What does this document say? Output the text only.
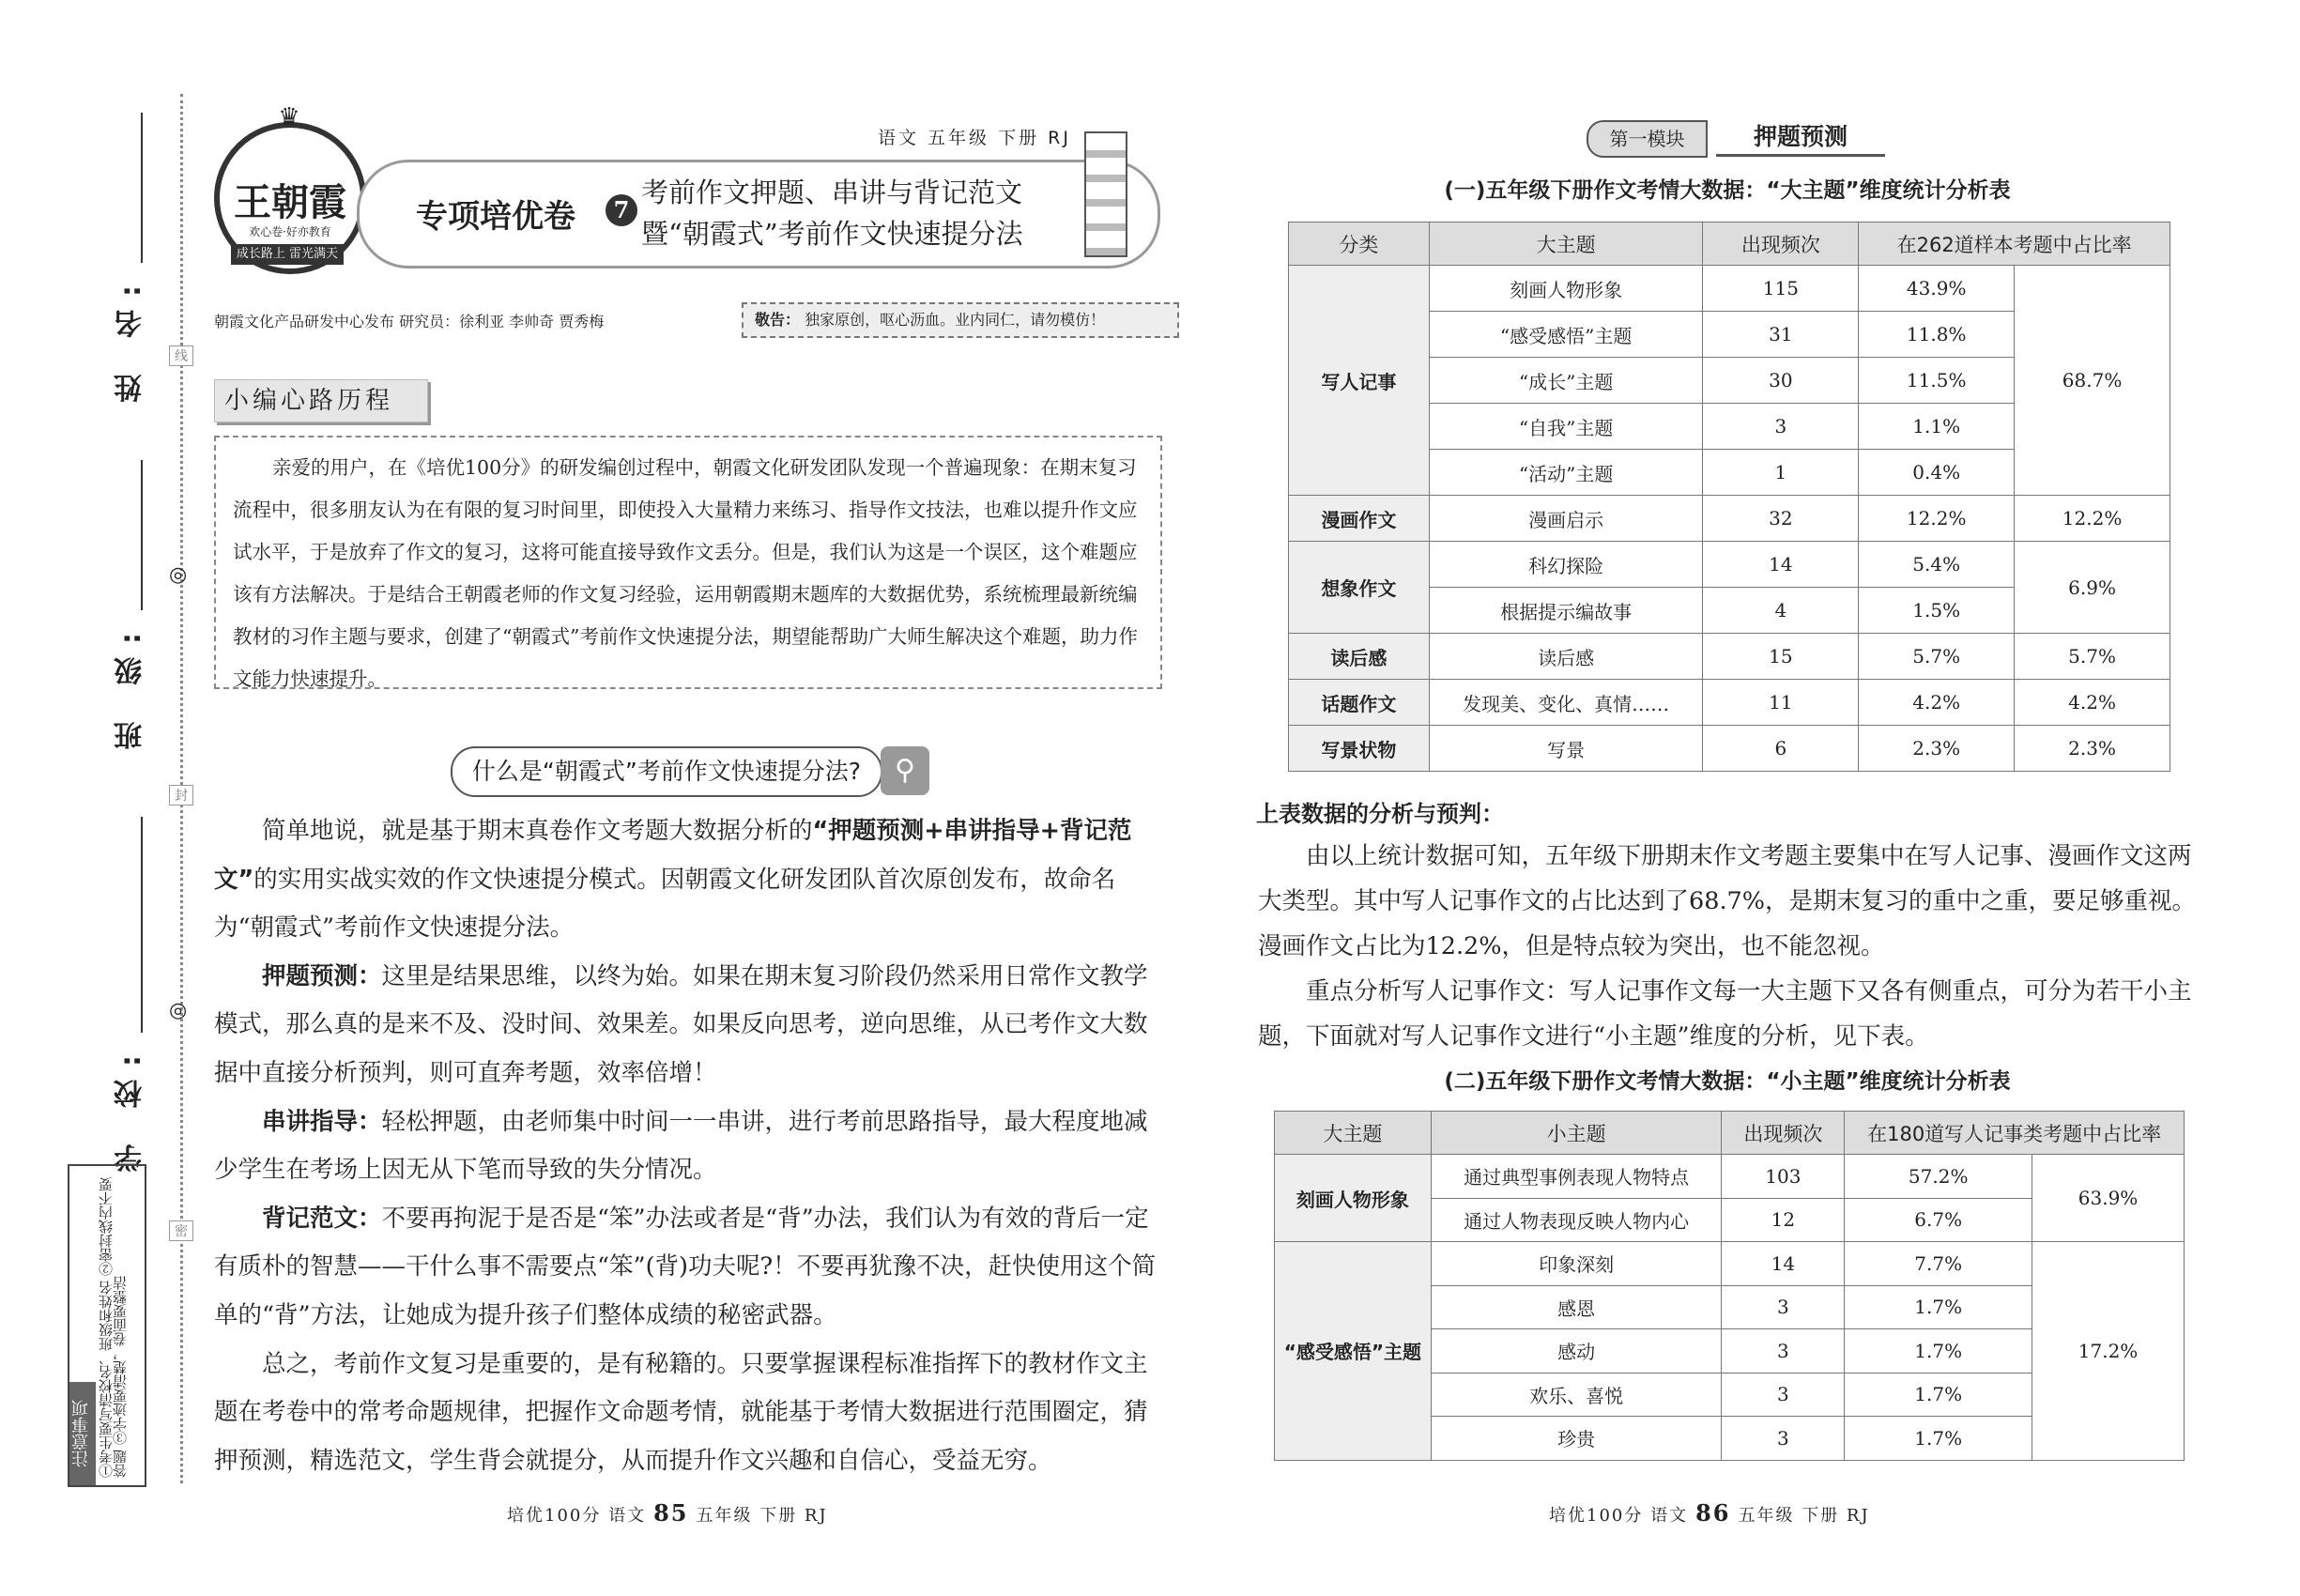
姓 名:
班 级:
学 校:
线
封
密
◎
◎
注意事项 ①考生要写清校名、班级和姓名 ②密封线内不要答题 ③字迹要清楚，卷面要整洁
♛
王朝霞
欢心卷·好亦教育
成长路上 雷光满天
语文 五年级 下册 RJ
专项培优卷	7
考前作文押题、串讲与背记范文
暨“朝霞式”考前作文快速提分法
朝霞文化产品研发中心发布 研究员：徐利亚 李帅奇 贾秀梅	敬告： 独家原创，呕心沥血。业内同仁，请勿模仿！
小编心路历程
亲爱的用户，在《培优100分》的研发编创过程中，朝霞文化研发团队发现一个普遍现象：在期末复习流程中，很多朋友认为在有限的复习时间里，即使投入大量精力来练习、指导作文技法，也难以提升作文应试水平，于是放弃了作文的复习，这将可能直接导致作文丢分。但是，我们认为这是一个误区，这个难题应该有方法解决。于是结合王朝霞老师的作文复习经验，运用朝霞期末题库的大数据优势，系统梳理最新统编教材的习作主题与要求，创建了“朝霞式”考前作文快速提分法，期望能帮助广大师生解决这个难题，助力作文能力快速提升。
什么是“朝霞式”考前作文快速提分法?	⚲

简单地说，就是基于期末真卷作文考题大数据分析的“押题预测+串讲指导+背记范文”的实用实战实效的作文快速提分模式。因朝霞文化研发团队首次原创发布，故命名为“朝霞式”考前作文快速提分法。

押题预测：这里是结果思维，以终为始。如果在期末复习阶段仍然采用日常作文教学模式，那么真的是来不及、没时间、效果差。如果反向思考，逆向思维，从已考作文大数据中直接分析预判，则可直奔考题，效率倍增！

串讲指导：轻松押题，由老师集中时间一一串讲，进行考前思路指导，最大程度地减少学生在考场上因无从下笔而导致的失分情况。

背记范文：不要再拘泥于是否是“笨”办法或者是“背”办法，我们认为有效的背后一定有质朴的智慧——干什么事不需要点“笨”(背)功夫呢?！不要再犹豫不决，赶快使用这个简单的“背”方法，让她成为提升孩子们整体成绩的秘密武器。

总之，考前作文复习是重要的，是有秘籍的。只要掌握课程标准指挥下的教材作文主题在考卷中的常考命题规律，把握作文命题考情，就能基于考情大数据进行范围圈定，猜押预测，精选范文，学生背会就提分，从而提升作文兴趣和自信心，受益无穷。

培优100分 语文 85 五年级 下册 RJ
第一模块	押题预测
(一)五年级下册作文考情大数据：“大主题”维度统计分析表
分类	大主题	出现频次	在262道样本考题中占比率	
写人记事	刻画人物形象	115	43.9%	68.7%
	“感受感悟”主题	31	11.8%	
	“成长”主题	30	11.5%	
	“自我”主题	3	1.1%	
	“活动”主题	1	0.4%	
漫画作文	漫画启示	32	12.2%	12.2%
想象作文	科幻探险	14	5.4%	6.9%
	根据提示编故事	4	1.5%	
读后感	读后感	15	5.7%	5.7%
话题作文	发现美、变化、真情……	11	4.2%	4.2%
写景状物	写景	6	2.3%	2.3%
上表数据的分析与预判：

由以上统计数据可知，五年级下册期末作文考题主要集中在写人记事、漫画作文这两大类型。其中写人记事作文的占比达到了68.7%，是期末复习的重中之重，要足够重视。漫画作文占比为12.2%，但是特点较为突出，也不能忽视。

重点分析写人记事作文：写人记事作文每一大主题下又各有侧重点，可分为若干小主题，下面就对写人记事作文进行“小主题”维度的分析，见下表。

(二)五年级下册作文考情大数据：“小主题”维度统计分析表
大主题	小主题	出现频次	在180道写人记事类考题中占比率	
刻画人物形象	通过典型事例表现人物特点	103	57.2%	63.9%
	通过人物表现反映人物内心	12	6.7%	
“感受感悟”主题	印象深刻	14	7.7%	17.2%
	感恩	3	1.7%	
	感动	3	1.7%	
	欢乐、喜悦	3	1.7%	
	珍贵	3	1.7%	
培优100分 语文 86 五年级 下册 RJ
